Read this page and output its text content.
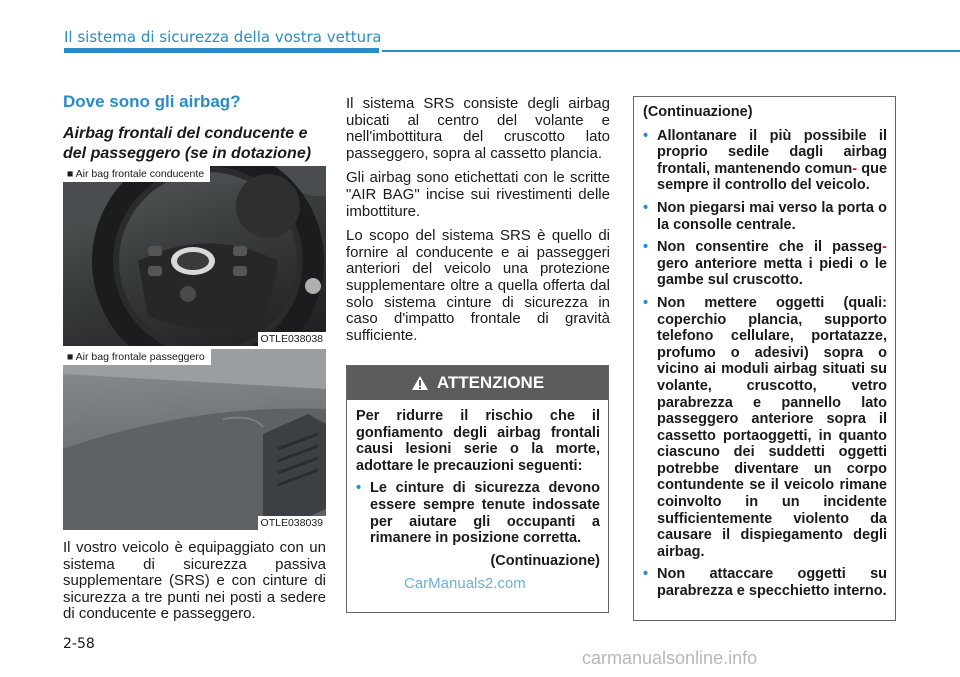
Il sistema di sicurezza della vostra vettura
Dove sono gli airbag?

Airbag frontali del conducente e
del passeggero (se in dotazione)

■ Air bag frontale conducente
OTLE038038
■ Air bag frontale passeggero
OTLE038039

Il vostro veicolo è equipaggiato con un sistema di sicurezza passiva supplementare (SRS) e con cinture di sicurezza a tre punti nei posti a sedere di conducente e passeggero.

Il sistema SRS consiste degli airbag ubicati al centro del volante e nell'imbottitura del cruscotto lato passeggero, sopra al cassetto plancia.

Gli airbag sono etichettati con le scritte "AIR BAG" incise sui rivestimenti delle imbottiture.

Lo scopo del sistema SRS è quello di fornire al conducente e ai passeggeri anteriori del veicolo una protezione supplementare oltre a quella offerta dal solo sistema cinture di sicurezza in caso d'impatto frontale di gravità sufficiente.

ATTENZIONE

Per ridurre il rischio che il gonfiamento degli airbag frontali causi lesioni serie o la morte, adottare le precauzioni seguenti:

• Le cinture di sicurezza devono essere sempre tenute indossate per aiutare gli occupanti a rimanere in posizione corretta.

(Continuazione)

CarManuals2.com

(Continuazione)

• Allontanare il più possibile il proprio sedile dagli airbag frontali, mantenendo comun- que sempre il controllo del veicolo.
• Non piegarsi mai verso la porta o la consolle centrale.
• Non consentire che il passeg- gero anteriore metta i piedi o le gambe sul cruscotto.
• Non mettere oggetti (quali: coperchio plancia, supporto telefono cellulare, portatazze, profumo o adesivi) sopra o vicino ai moduli airbag situati su volante, cruscotto, vetro parabrezza e pannello lato passeggero anteriore sopra il cassetto portaoggetti, in quanto ciascuno dei suddetti oggetti potrebbe diventare un corpo contundente se il veicolo rimane coinvolto in un incidente sufficientemente violento da causare il dispiegamento degli airbag.
• Non attaccare oggetti su parabrezza e specchietto interno.
2-58
carmanualsonline.info
